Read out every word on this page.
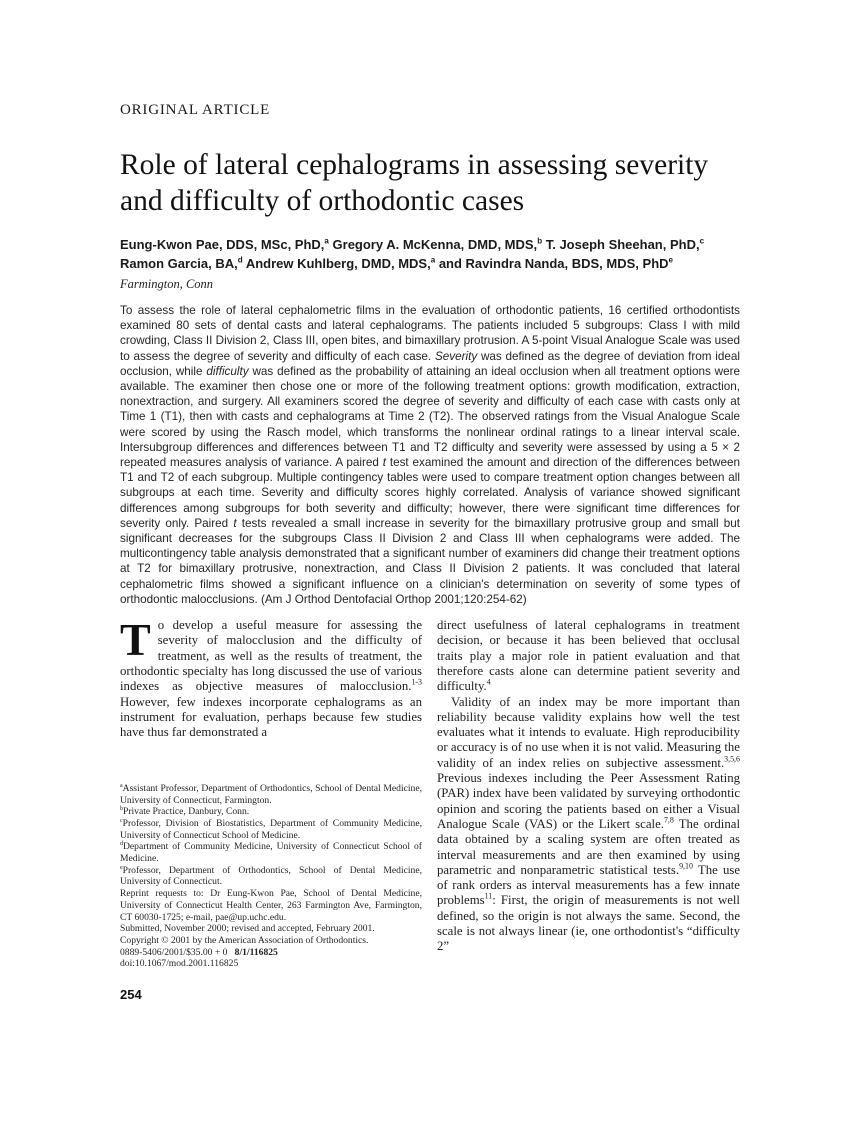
ORIGINAL ARTICLE
Role of lateral cephalograms in assessing severity and difficulty of orthodontic cases
Eung-Kwon Pae, DDS, MSc, PhD,$^a$ Gregory A. McKenna, DMD, MDS,$^b$ T. Joseph Sheehan, PhD,$^c$
Ramon Garcia, BA,$^d$ Andrew Kuhlberg, DMD, MDS,$^a$ and Ravindra Nanda, BDS, MDS, PhD$^e$
Farmington, Conn

To assess the role of lateral cephalometric films in the evaluation of orthodontic patients, 16 certified orthodontists examined 80 sets of dental casts and lateral cephalograms. The patients included 5 subgroups: Class I with mild crowding, Class II Division 2, Class III, open bites, and bimaxillary protrusion. A 5-point Visual Analogue Scale was used to assess the degree of severity and difficulty of each case. Severity was defined as the degree of deviation from ideal occlusion, while difficulty was defined as the probability of attaining an ideal occlusion when all treatment options were available. The examiner then chose one or more of the following treatment options: growth modification, extraction, nonextraction, and surgery. All examiners scored the degree of severity and difficulty of each case with casts only at Time 1 (T1), then with casts and cephalograms at Time 2 (T2). The observed ratings from the Visual Analogue Scale were scored by using the Rasch model, which transforms the nonlinear ordinal ratings to a linear interval scale. Intersubgroup differences and differences between T1 and T2 difficulty and severity were assessed by using a 5 × 2 repeated measures analysis of variance. A paired t test examined the amount and direction of the differences between T1 and T2 of each subgroup. Multiple contingency tables were used to compare treatment option changes between all subgroups at each time. Severity and difficulty scores highly correlated. Analysis of variance showed significant differences among subgroups for both severity and difficulty; however, there were significant time differences for severity only. Paired t tests revealed a small increase in severity for the bimaxillary protrusive group and small but significant decreases for the subgroups Class II Division 2 and Class III when cephalograms were added. The multicontingency table analysis demonstrated that a significant number of examiners did change their treatment options at T2 for bimaxillary protrusive, nonextraction, and Class II Division 2 patients. It was concluded that lateral cephalometric films showed a significant influence on a clinician's determination on severity of some types of orthodontic malocclusions. (Am J Orthod Dentofacial Orthop 2001;120:254-62)

To develop a useful measure for assessing the severity of malocclusion and the difficulty of treatment, as well as the results of treatment, the orthodontic specialty has long discussed the use of various indexes as objective measures of malocclusion.$^{1-3}$ However, few indexes incorporate cephalograms as an instrument for evaluation, perhaps because few studies have thus far demonstrated a

$^a$Assistant Professor, Department of Orthodontics, School of Dental Medicine, University of Connecticut, Farmington.
$^b$Private Practice, Danbury, Conn.
$^c$Professor, Division of Biostatistics, Department of Community Medicine, University of Connecticut School of Medicine.
$^d$Department of Community Medicine, University of Connecticut School of Medicine.
$^e$Professor, Department of Orthodontics, School of Dental Medicine, University of Connecticut.
Reprint requests to: Dr Eung-Kwon Pae, School of Dental Medicine, University of Connecticut Health Center, 263 Farmington Ave, Farmington, CT 60030-1725; e-mail, pae@up.uchc.edu.
Submitted, November 2000; revised and accepted, February 2001.
Copyright © 2001 by the American Association of Orthodontics.
0889-5406/2001/$35.00 + 0   8/1/116825
doi:10.1067/mod.2001.116825

direct usefulness of lateral cephalograms in treatment decision, or because it has been believed that occlusal traits play a major role in patient evaluation and that therefore casts alone can determine patient severity and difficulty.$^4$

Validity of an index may be more important than reliability because validity explains how well the test evaluates what it intends to evaluate. High reproducibility or accuracy is of no use when it is not valid. Measuring the validity of an index relies on subjective assessment.$^{3,5,6}$ Previous indexes including the Peer Assessment Rating (PAR) index have been validated by surveying orthodontic opinion and scoring the patients based on either a Visual Analogue Scale (VAS) or the Likert scale.$^{7,8}$ The ordinal data obtained by a scaling system are often treated as interval measurements and are then examined by using parametric and nonparametric statistical tests.$^{9,10}$ The use of rank orders as interval measurements has a few innate problems$^{11}$: First, the origin of measurements is not well defined, so the origin is not always the same. Second, the scale is not always linear (ie, one orthodontist's “difficulty 2”

254
